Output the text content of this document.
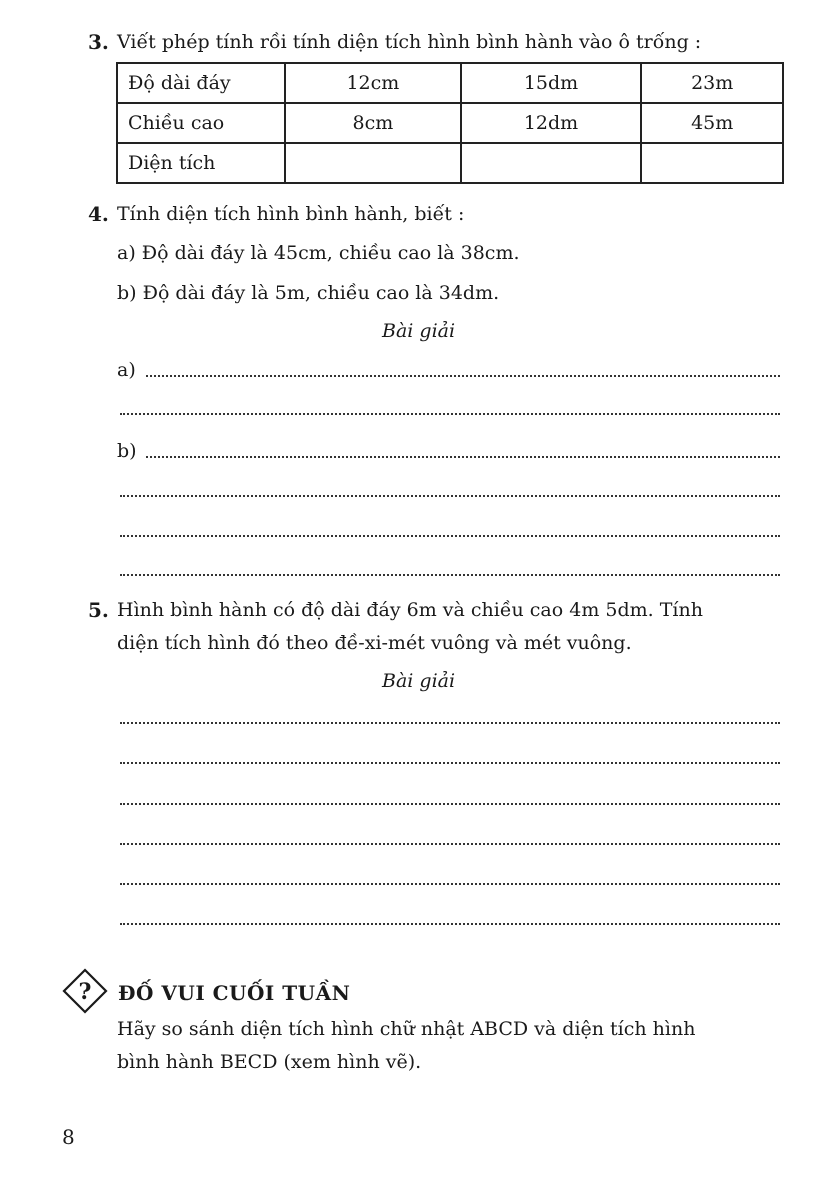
3. Viết phép tính rồi tính diện tích hình bình hành vào ô trống :
Độ dài đáy	12cm	15dm	23m
Chiều cao	8cm	12dm	45m
Diện tích			
4. Tính diện tích hình bình hành, biết :
a) Độ dài đáy là 45cm, chiều cao là 38cm.
b) Độ dài đáy là 5m, chiều cao là 34dm.
Bài giải
a)
b)
5. Hình bình hành có độ dài đáy 6m và chiều cao 4m 5dm. Tính
diện tích hình đó theo đề-xi-mét vuông và mét vuông.
Bài giải
? ĐỐ VUI CUỐI TUẦN
Hãy so sánh diện tích hình chữ nhật ABCD và diện tích hình
bình hành BECD (xem hình vẽ).
8
